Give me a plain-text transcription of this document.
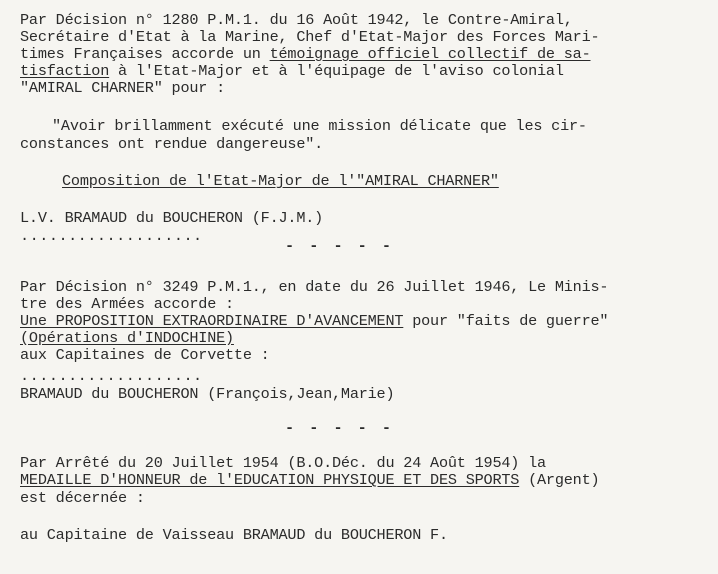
Par Décision n° 1280 P.M.1. du 16 Août 1942, le Contre-Amiral,
Secrétaire d'Etat à la Marine, Chef d'Etat-Major des Forces Mari-
times Françaises accorde un témoignage officiel collectif de sa-
tisfaction à l'Etat-Major et à l'équipage de l'aviso colonial
"AMIRAL CHARNER" pour :
"Avoir brillamment exécuté une mission délicate que les cir-
constances ont rendue dangereuse".
Composition de l'Etat-Major de l'"AMIRAL CHARNER"
L.V. BRAMAUD du BOUCHERON (F.J.M.)
...................
- - - - -
Par Décision n° 3249 P.M.1., en date du 26 Juillet 1946, Le Minis-
tre des Armées accorde :
Une PROPOSITION EXTRAORDINAIRE D'AVANCEMENT pour "faits de guerre"
(Opérations d'INDOCHINE)
aux Capitaines de Corvette :
...................
BRAMAUD du BOUCHERON (François,Jean,Marie)
- - - - -
Par Arrêté du 20 Juillet 1954 (B.O.Déc. du 24 Août 1954) la
MEDAILLE D'HONNEUR de l'EDUCATION PHYSIQUE ET DES SPORTS (Argent)
est décernée :
au Capitaine de Vaisseau BRAMAUD du BOUCHERON F.
